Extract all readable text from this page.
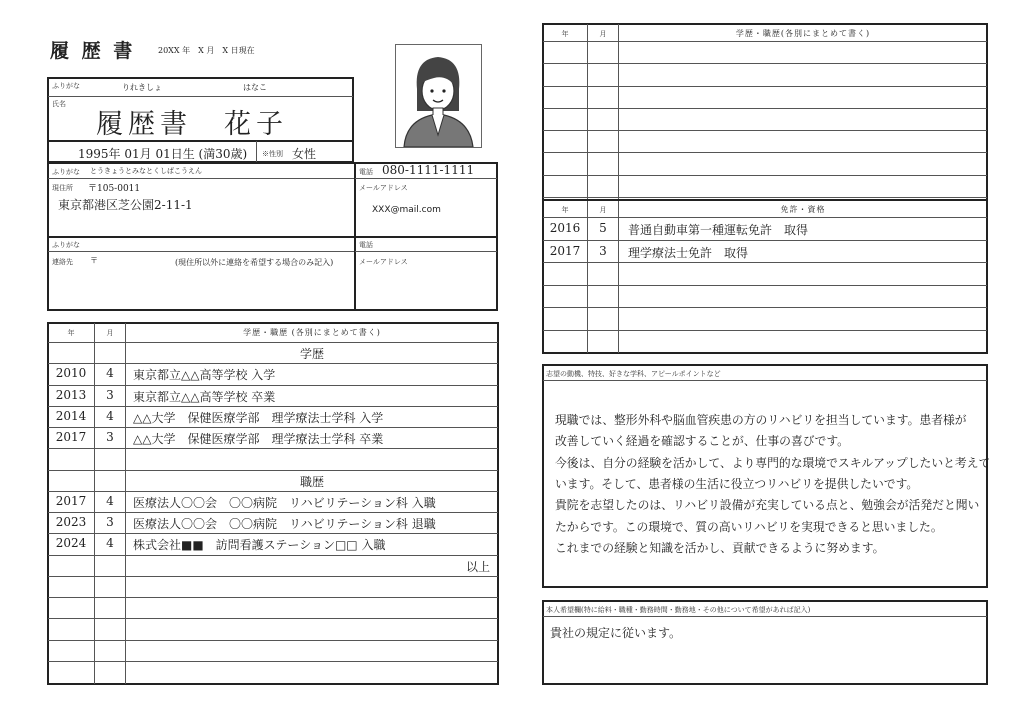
履 歴 書	20XX 年　X 月　X 日現在
ふりがな	りれきしょ	はなこ
氏名
履歴書　花子
1995年 01月 01日生 (満30歳) ※性別 女性
ふりがな とうきょうとみなとくしばこうえん
現住所 〒105-0011
東京都港区芝公園2-11-1
電話 080-1111-1111
メールアドレス
XXX@mail.com
ふりがな
連絡先 〒	(現住所以外に連絡を希望する場合のみ記入)
電話
メールアドレス
年	月	学歴・職歴 (各別にまとめて書く)
学歴
2010	4	東京都立△△高等学校 入学
2013	3	東京都立△△高等学校 卒業
2014	4	△△大学　保健医療学部　理学療法士学科 入学
2017	3	△△大学　保健医療学部　理学療法士学科 卒業
職歴
2017	4	医療法人〇〇会　〇〇病院　リハビリテーション科 入職
2023	3	医療法人〇〇会　〇〇病院　リハビリテーション科 退職
2024	4	株式会社■■　訪問看護ステーション□□ 入職
以上
年	月	学歴・職歴(各別にまとめて書く)
年	月	免許・資格
2016	5	普通自動車第一種運転免許　取得
2017	3	理学療法士免許　取得
志望の動機、特技、好きな学科、アピールポイントなど
現職では、整形外科や脳血管疾患の方のリハビリを担当しています。患者様が
改善していく経過を確認することが、仕事の喜びです。
今後は、自分の経験を活かして、より専門的な環境でスキルアップしたいと考えて
います。そして、患者様の生活に役立つリハビリを提供したいです。
貴院を志望したのは、リハビリ設備が充実している点と、勉強会が活発だと聞い
たからです。この環境で、質の高いリハビリを実現できると思いました。
これまでの経験と知識を活かし、貢献できるように努めます。
本人希望欄(特に給料・職種・勤務時間・勤務地・その他について希望があれば記入)
貴社の規定に従います。
